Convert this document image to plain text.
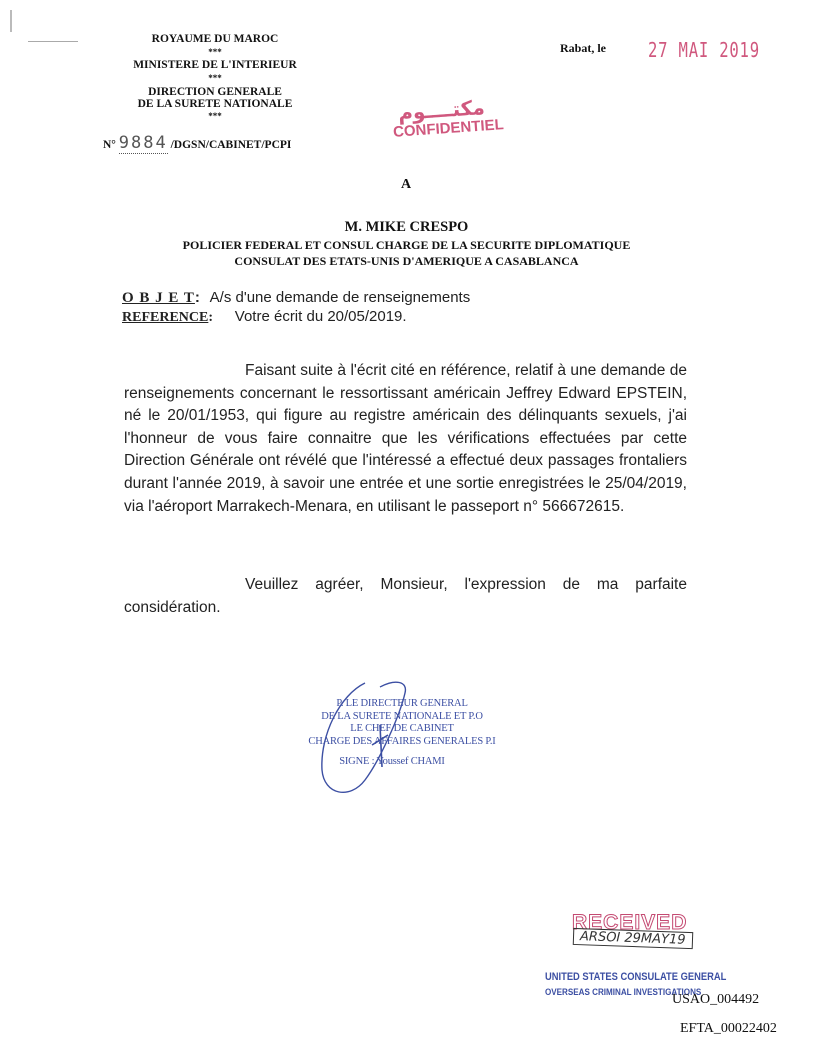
ROYAUME DU MAROC
***
MINISTERE DE L'INTERIEUR
***
DIRECTION GENERALE
DE LA SURETE NATIONALE
***
N° 9884 /DGSN/CABINET/PCPI
Rabat, le 27 MAI 2019
مكتــــوم
CONFIDENTIEL
A
M. MIKE CRESPO
POLICIER FEDERAL ET CONSUL CHARGE DE LA SECURITE DIPLOMATIQUE
CONSULAT DES ETATS-UNIS D'AMERIQUE A CASABLANCA
O B J E T: A/s d'une demande de renseignements
REFERENCE: Votre écrit du 20/05/2019.
Faisant suite à l'écrit cité en référence, relatif à une demande de renseignements concernant le ressortissant américain Jeffrey Edward EPSTEIN, né le 20/01/1953, qui figure au registre américain des délinquants sexuels, j'ai l'honneur de vous faire connaitre que les vérifications effectuées par cette Direction Générale ont révélé que l'intéressé a effectué deux passages frontaliers durant l'année 2019, à savoir une entrée et une sortie enregistrées le 25/04/2019, via l'aéroport Marrakech-Menara, en utilisant le passeport n° 566672615.
Veuillez agréer, Monsieur, l'expression de ma parfaite considération.
P. LE DIRECTEUR GENERAL
DE LA SURETE NATIONALE ET P.O
LE CHEF DE CABINET
CHARGE DES AFFAIRES GENERALES P.I
SIGNE : Youssef CHAMI
RECEIVED
ARSOI 29MAY19
UNITED STATES CONSULATE GENERAL
OVERSEAS CRIMINAL INVESTIGATIONS
USAO_004492
EFTA_00022402
